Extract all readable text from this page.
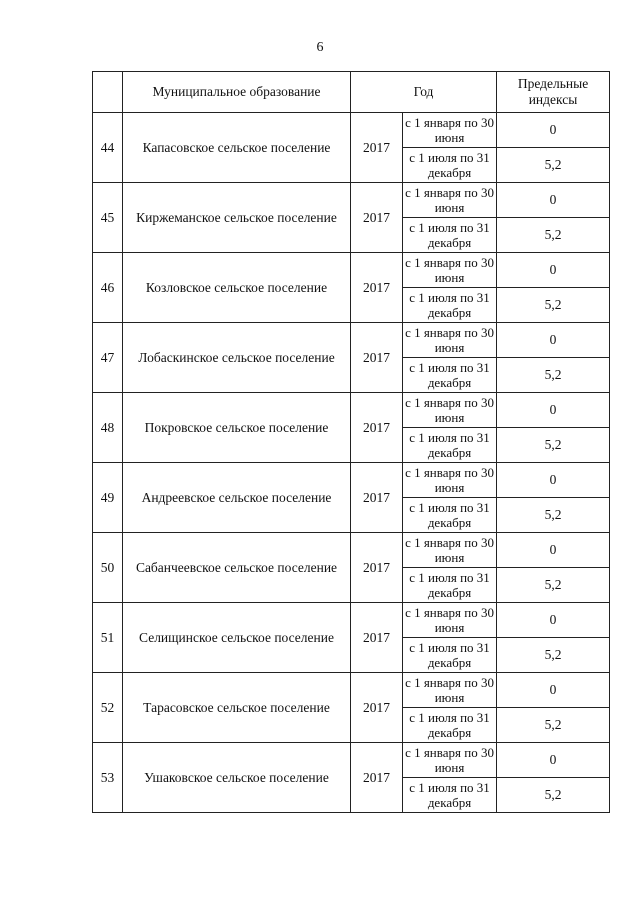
6
	Муниципальное образование	Год		Предельные индексы
44	Капасовское сельское поселение	2017	с 1 января по 30 июня	0
			с 1 июля по 31 декабря	5,2
45	Киржеманское сельское поселение	2017	с 1 января по 30 июня	0
			с 1 июля по 31 декабря	5,2
46	Козловское сельское поселение	2017	с 1 января по 30 июня	0
			с 1 июля по 31 декабря	5,2
47	Лобаскинское сельское поселение	2017	с 1 января по 30 июня	0
			с 1 июля по 31 декабря	5,2
48	Покровское сельское поселение	2017	с 1 января по 30 июня	0
			с 1 июля по 31 декабря	5,2
49	Андреевское сельское поселение	2017	с 1 января по 30 июня	0
			с 1 июля по 31 декабря	5,2
50	Сабанчеевское сельское поселение	2017	с 1 января по 30 июня	0
			с 1 июля по 31 декабря	5,2
51	Селищинское сельское поселение	2017	с 1 января по 30 июня	0
			с 1 июля по 31 декабря	5,2
52	Тарасовское сельское поселение	2017	с 1 января по 30 июня	0
			с 1 июля по 31 декабря	5,2
53	Ушаковское сельское поселение	2017	с 1 января по 30 июня	0
			с 1 июля по 31 декабря	5,2
